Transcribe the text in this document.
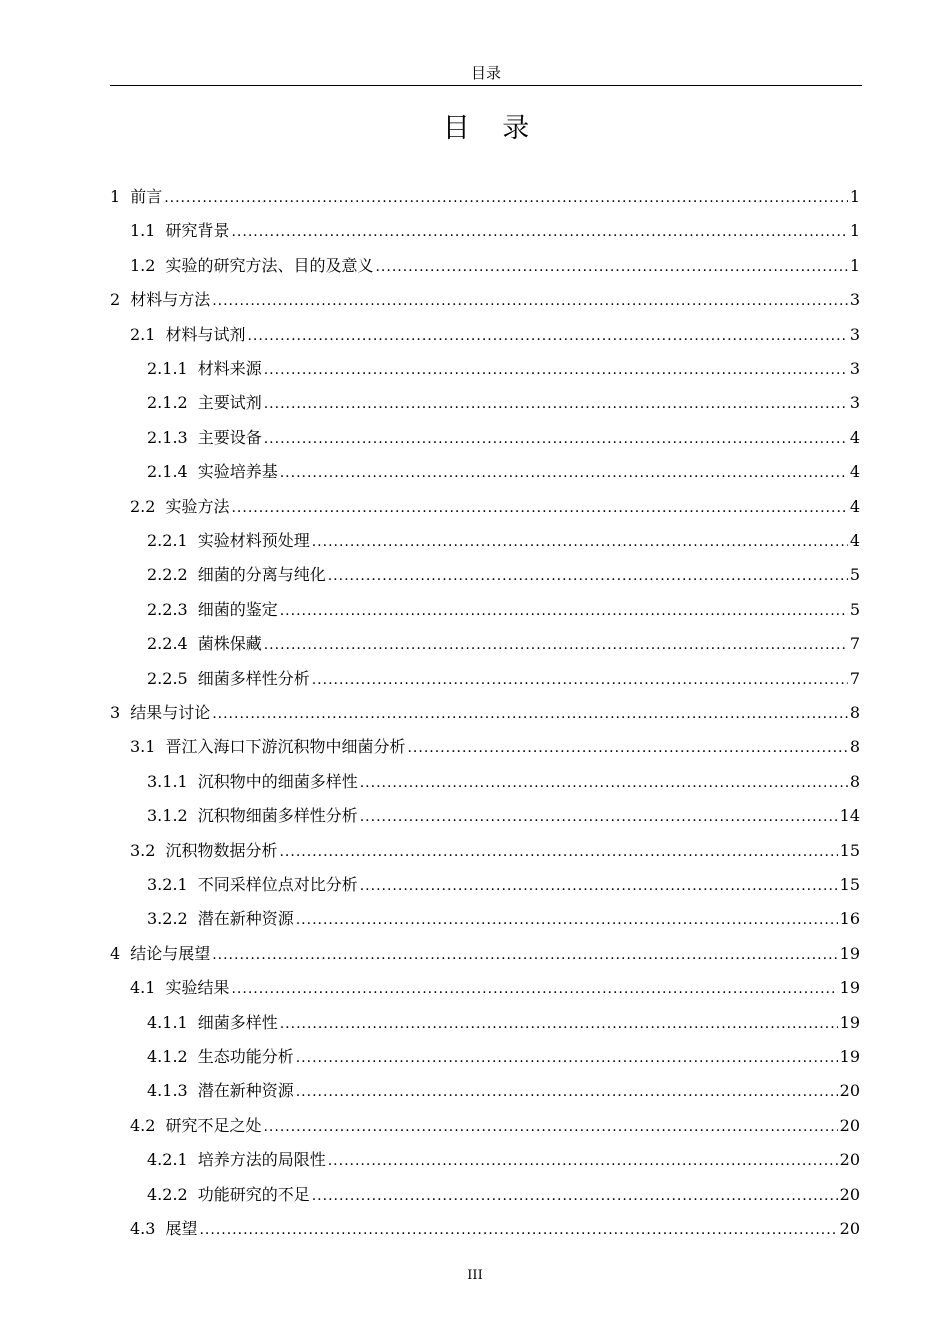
目录
目 录
1 前言 .....	1
1.1 研究背景 .....	1
1.2 实验的研究方法、目的及意义 .....	1
2 材料与方法 .....	3
2.1 材料与试剂 .....	3
2.1.1 材料来源 .....	3
2.1.2 主要试剂 .....	3
2.1.3 主要设备 .....	4
2.1.4 实验培养基 .....	4
2.2 实验方法 .....	4
2.2.1 实验材料预处理 .....	4
2.2.2 细菌的分离与纯化 .....	5
2.2.3 细菌的鉴定 .....	5
2.2.4 菌株保藏 .....	7
2.2.5 细菌多样性分析 .....	7
3 结果与讨论 .....	8
3.1 晋江入海口下游沉积物中细菌分析 .....	8
3.1.1 沉积物中的细菌多样性 .....	8
3.1.2 沉积物细菌多样性分析 .....	14
3.2 沉积物数据分析 .....	15
3.2.1 不同采样位点对比分析 .....	15
3.2.2 潜在新种资源 .....	16
4 结论与展望 .....	19
4.1 实验结果 .....	19
4.1.1 细菌多样性 .....	19
4.1.2 生态功能分析 .....	19
4.1.3 潜在新种资源 .....	20
4.2 研究不足之处 .....	20
4.2.1 培养方法的局限性 .....	20
4.2.2 功能研究的不足 .....	20
4.3 展望 .....	20
III
